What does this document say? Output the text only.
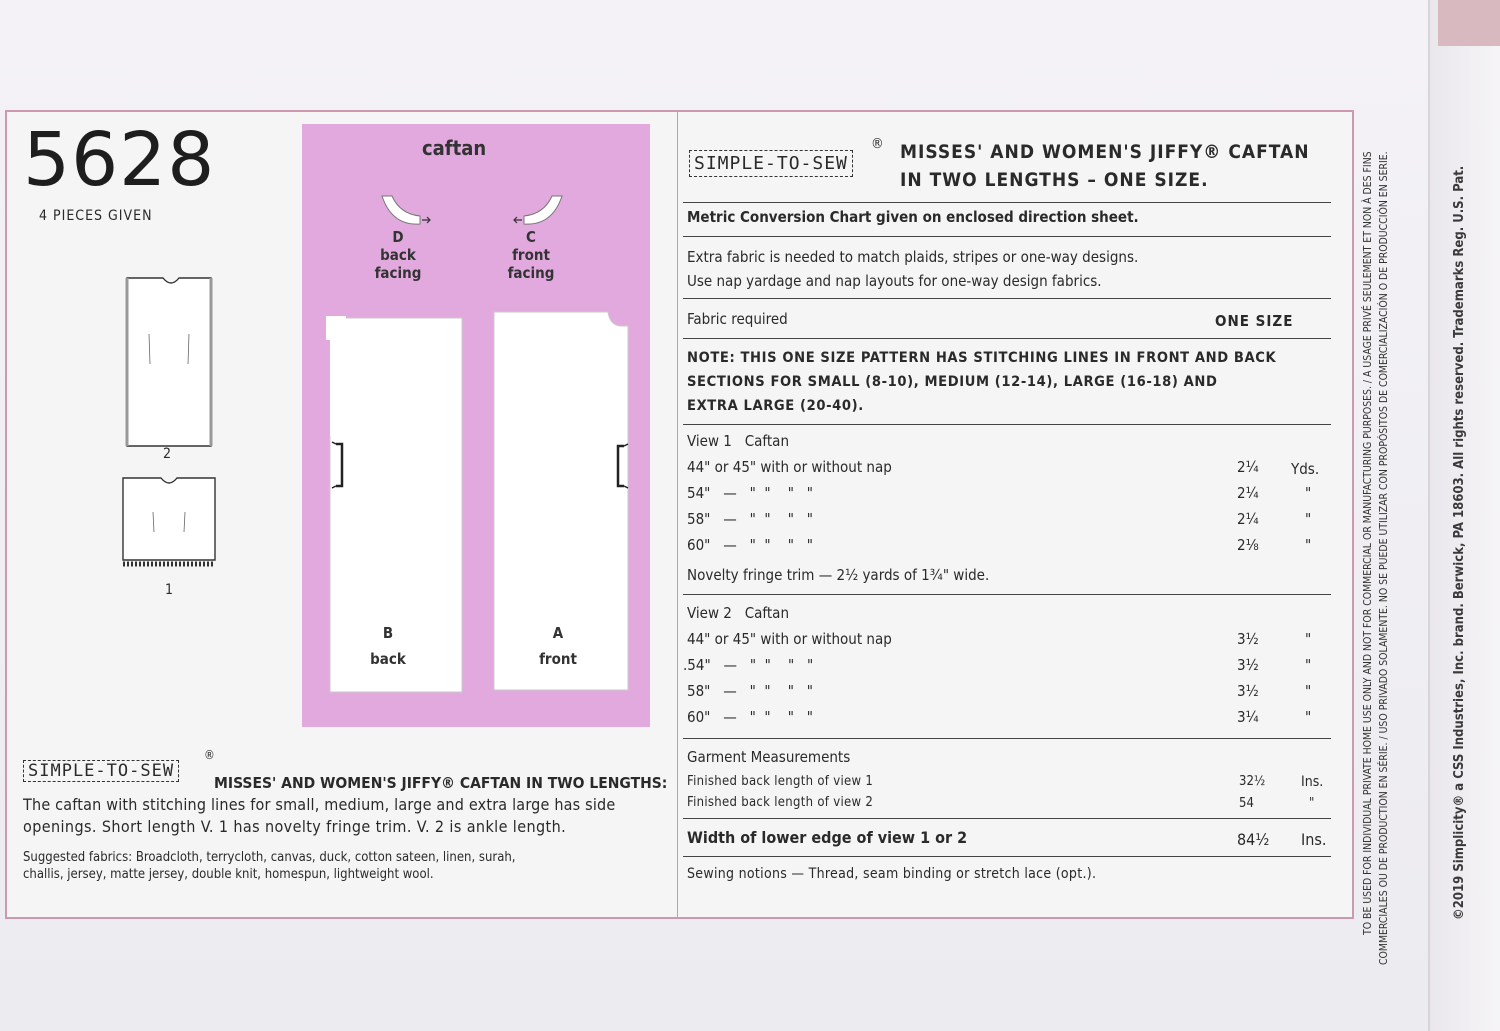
©2019 Simplicity® a CSS Industries, Inc. brand. Berwick, PA 18603. All rights reserved. Trademarks Reg. U.S. Pat.
TO BE USED FOR INDIVIDUAL PRIVATE HOME USE ONLY AND NOT FOR COMMERCIAL OR MANUFACTURING PURPOSES. / A USAGE PRIVÉ SEULEMENT ET NON À DES FINS COMMERCIALES OU DE PRODUCTION EN SÉRIE. / USO PRIVADO SOLAMENTE. NO SE PUEDE UTILIZAR CON PROPÓSITOS DE COMERCIALIZACIÓN O DE PRODUCCIÓN EN SERIE.
5628
4 PIECES GIVEN
2
1
caftan
D
back
facing
C
front
facing
B
back
A
front
SIMPLE-TO-SEW
®
MISSES' AND WOMEN'S JIFFY® CAFTAN IN TWO LENGTHS:
The caftan with stitching lines for small, medium, large and extra large has side
openings. Short length V. 1 has novelty fringe trim. V. 2 is ankle length.
Suggested fabrics: Broadcloth, terrycloth, canvas, duck, cotton sateen, linen, surah,
challis, jersey, matte jersey, double knit, homespun, lightweight wool.
SIMPLE-TO-SEW
® MISSES' AND WOMEN'S JIFFY® CAFTAN
IN TWO LENGTHS – ONE SIZE.
Metric Conversion Chart given on enclosed direction sheet.
Extra fabric is needed to match plaids, stripes or one-way designs.
Use nap yardage and nap layouts for one-way design fabrics.
Fabric required	ONE SIZE
NOTE: THIS ONE SIZE PATTERN HAS STITCHING LINES IN FRONT AND BACK
SECTIONS FOR SMALL (8-10), MEDIUM (12-14), LARGE (16-18) AND
EXTRA LARGE (20-40).
View 1   Caftan
44" or 45" with or without nap	2¼ Yds.
54"   —   "  "    "   "	2¼	"
58"   —   "  "    "   "	2¼	"
60"   —   "  "    "   "	2⅛	"
Novelty fringe trim — 2½ yards of 1¾" wide.
View 2   Caftan
44" or 45" with or without nap	3½	"
.54"   —   "  "    "   "	3½	"
58"   —   "  "    "   "	3½	"
60"   —   "  "    "   "	3¼	"
Garment Measurements
Finished back length of view 1	32½	Ins.
Finished back length of view 2	54	"
Width of lower edge of view 1 or 2	84½ Ins.
Sewing notions — Thread, seam binding or stretch lace (opt.).
